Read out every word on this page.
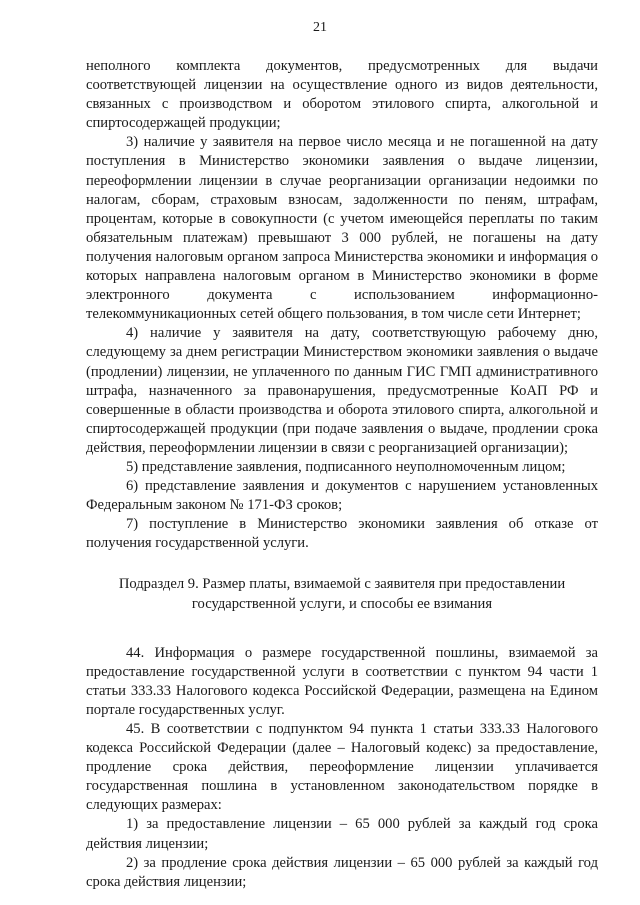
21

неполного комплекта документов, предусмотренных для выдачи соответствующей лицензии на осуществление одного из видов деятельности, связанных с производством и оборотом этилового спирта, алкогольной и спиртосодержащей продукции;

3) наличие у заявителя на первое число месяца и не погашенной на дату поступления в Министерство экономики заявления о выдаче лицензии, переоформлении лицензии в случае реорганизации организации недоимки по налогам, сборам, страховым взносам, задолженности по пеням, штрафам, процентам, которые в совокупности (с учетом имеющейся переплаты по таким обязательным платежам) превышают 3 000 рублей, не погашены на дату получения налоговым органом запроса Министерства экономики и информация о которых направлена налоговым органом в Министерство экономики в форме электронного документа с использованием информационно-телекоммуникационных сетей общего пользования, в том числе сети Интернет;

4) наличие у заявителя на дату, соответствующую рабочему дню, следующему за днем регистрации Министерством экономики заявления о выдаче (продлении) лицензии, не уплаченного по данным ГИС ГМП административного штрафа, назначенного за правонарушения, предусмотренные КоАП РФ и совершенные в области производства и оборота этилового спирта, алкогольной и спиртосодержащей продукции (при подаче заявления о выдаче, продлении срока действия, переоформлении лицензии в связи с реорганизацией организации);

5) представление заявления, подписанного неуполномоченным лицом;

6) представление заявления и документов с нарушением установленных Федеральным законом № 171-ФЗ сроков;

7) поступление в Министерство экономики заявления об отказе от получения государственной услуги.

Подраздел 9. Размер платы, взимаемой с заявителя при предоставлении
государственной услуги, и способы ее взимания

44. Информация о размере государственной пошлины, взимаемой за предоставление государственной услуги в соответствии с пунктом 94 части 1 статьи 333.33 Налогового кодекса Российской Федерации, размещена на Едином портале государственных услуг.

45. В соответствии с подпунктом 94 пункта 1 статьи 333.33 Налогового кодекса Российской Федерации (далее – Налоговый кодекс) за предоставление, продление срока действия, переоформление лицензии уплачивается государственная пошлина в установленном законодательством порядке в следующих размерах:

1) за предоставление лицензии – 65 000 рублей за каждый год срока действия лицензии;

2) за продление срока действия лицензии – 65 000 рублей за каждый год срока действия лицензии;
